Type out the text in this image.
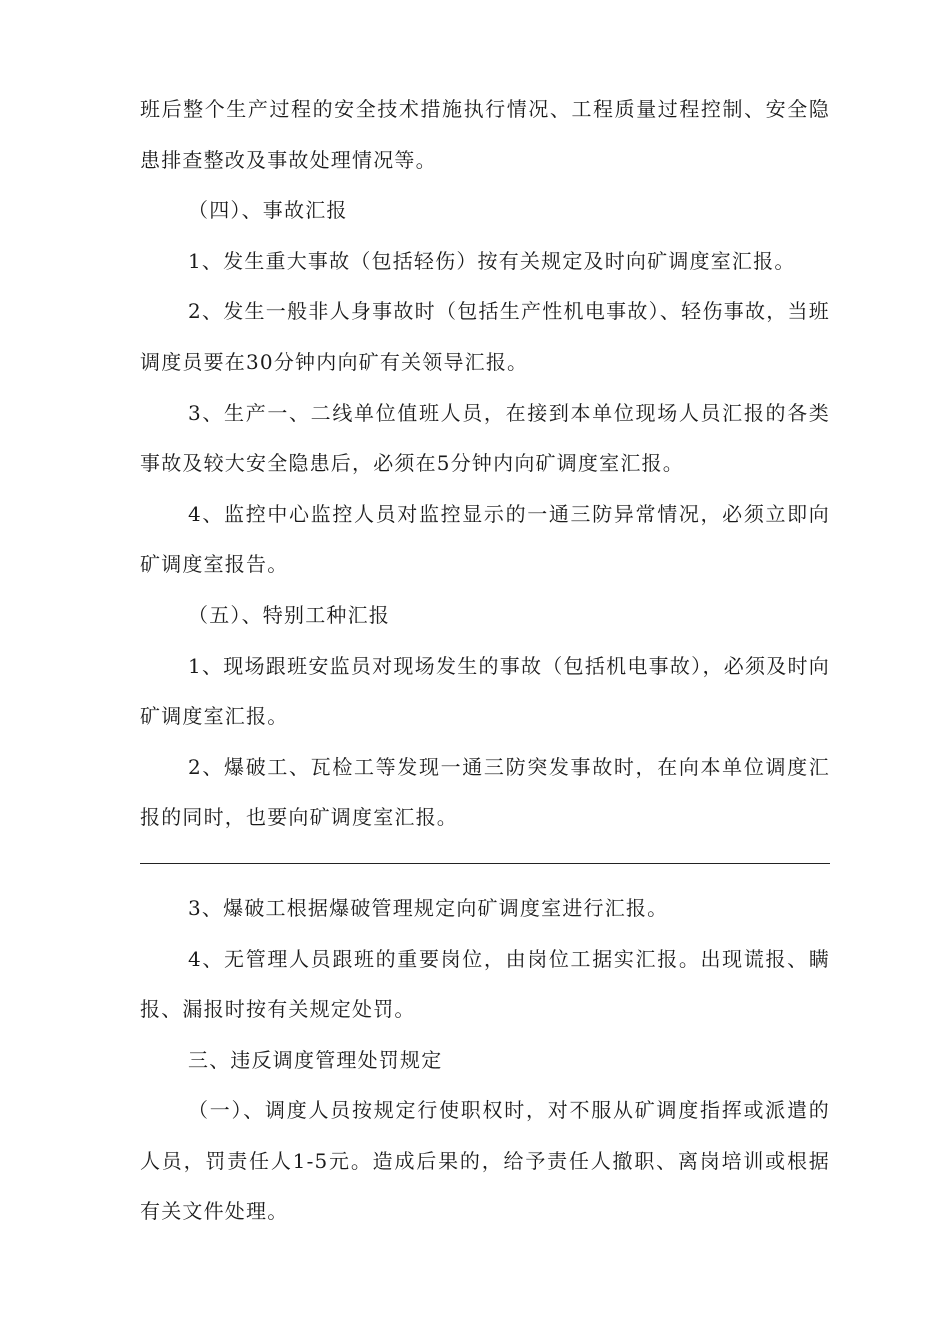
班后整个生产过程的安全技术措施执行情况、工程质量过程控制、安全隐患排查整改及事故处理情况等。

（四）、事故汇报

1、发生重大事故（包括轻伤）按有关规定及时向矿调度室汇报。

2、发生一般非人身事故时（包括生产性机电事故）、轻伤事故，当班调度员要在30分钟内向矿有关领导汇报。

3、生产一、二线单位值班人员，在接到本单位现场人员汇报的各类事故及较大安全隐患后，必须在5分钟内向矿调度室汇报。

4、监控中心监控人员对监控显示的一通三防异常情况，必须立即向矿调度室报告。

（五）、特别工种汇报

1、现场跟班安监员对现场发生的事故（包括机电事故），必须及时向矿调度室汇报。

2、爆破工、瓦检工等发现一通三防突发事故时，在向本单位调度汇报的同时，也要向矿调度室汇报。

3、爆破工根据爆破管理规定向矿调度室进行汇报。

4、无管理人员跟班的重要岗位，由岗位工据实汇报。出现谎报、瞒报、漏报时按有关规定处罚。

三、违反调度管理处罚规定

（一）、调度人员按规定行使职权时，对不服从矿调度指挥或派遣的人员，罚责任人1-5元。造成后果的，给予责任人撤职、离岗培训或根据有关文件处理。
